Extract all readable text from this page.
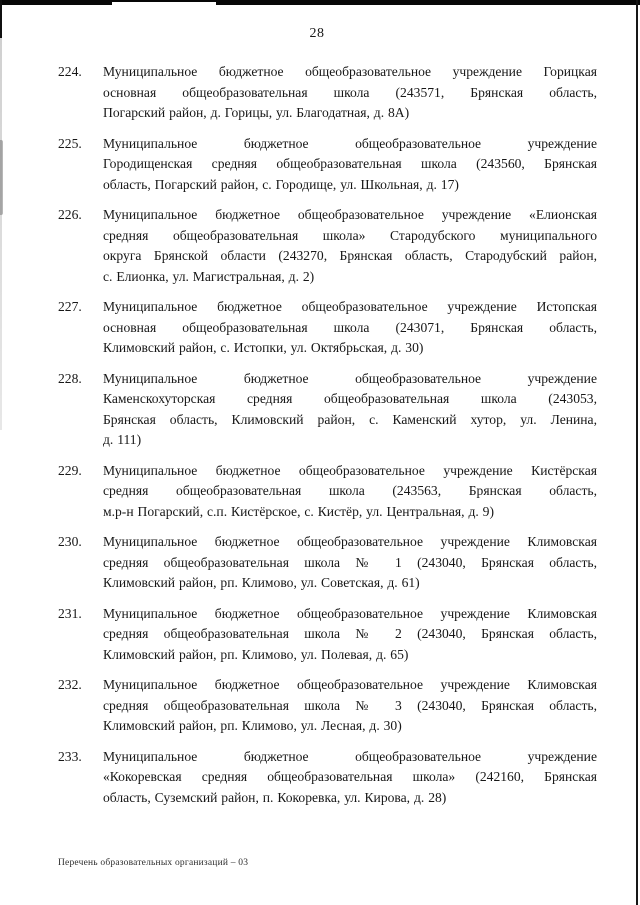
28
224.	Муниципальное бюджетное общеобразовательное учреждение Горицкая
основная общеобразовательная школа (243571, Брянская область,
Погарский район, д. Горицы, ул. Благодатная, д. 8А)
225.	Муниципальное бюджетное общеобразовательное учреждение
Городищенская средняя общеобразовательная школа (243560, Брянская
область, Погарский район, с. Городище, ул. Школьная, д. 17)
226.	Муниципальное бюджетное общеобразовательное учреждение «Елионская
средняя общеобразовательная школа» Стародубского муниципального
округа Брянской области (243270, Брянская область, Стародубский район,
с. Елионка, ул. Магистральная, д. 2)
227.	Муниципальное бюджетное общеобразовательное учреждение Истопская
основная общеобразовательная школа (243071, Брянская область,
Климовский район, с. Истопки, ул. Октябрьская, д. 30)
228.	Муниципальное бюджетное общеобразовательное учреждение
Каменскохуторская средняя общеобразовательная школа (243053,
Брянская область, Климовский район, с. Каменский хутор, ул. Ленина,
д. 111)
229.	Муниципальное бюджетное общеобразовательное учреждение Кистёрская
средняя общеобразовательная школа (243563, Брянская область,
м.р-н Погарский, с.п. Кистёрское, с. Кистёр, ул. Центральная, д. 9)
230.	Муниципальное бюджетное общеобразовательное учреждение Климовская
средняя общеобразовательная школа № 1 (243040, Брянская область,
Климовский район, рп. Климово, ул. Советская, д. 61)
231.	Муниципальное бюджетное общеобразовательное учреждение Климовская
средняя общеобразовательная школа № 2 (243040, Брянская область,
Климовский район, рп. Климово, ул. Полевая, д. 65)
232.	Муниципальное бюджетное общеобразовательное учреждение Климовская
средняя общеобразовательная школа № 3 (243040, Брянская область,
Климовский район, рп. Климово, ул. Лесная, д. 30)
233.	Муниципальное бюджетное общеобразовательное учреждение
«Кокоревская средняя общеобразовательная школа» (242160, Брянская
область, Суземский район, п. Кокоревка, ул. Кирова, д. 28)
Перечень образовательных организаций – 03
